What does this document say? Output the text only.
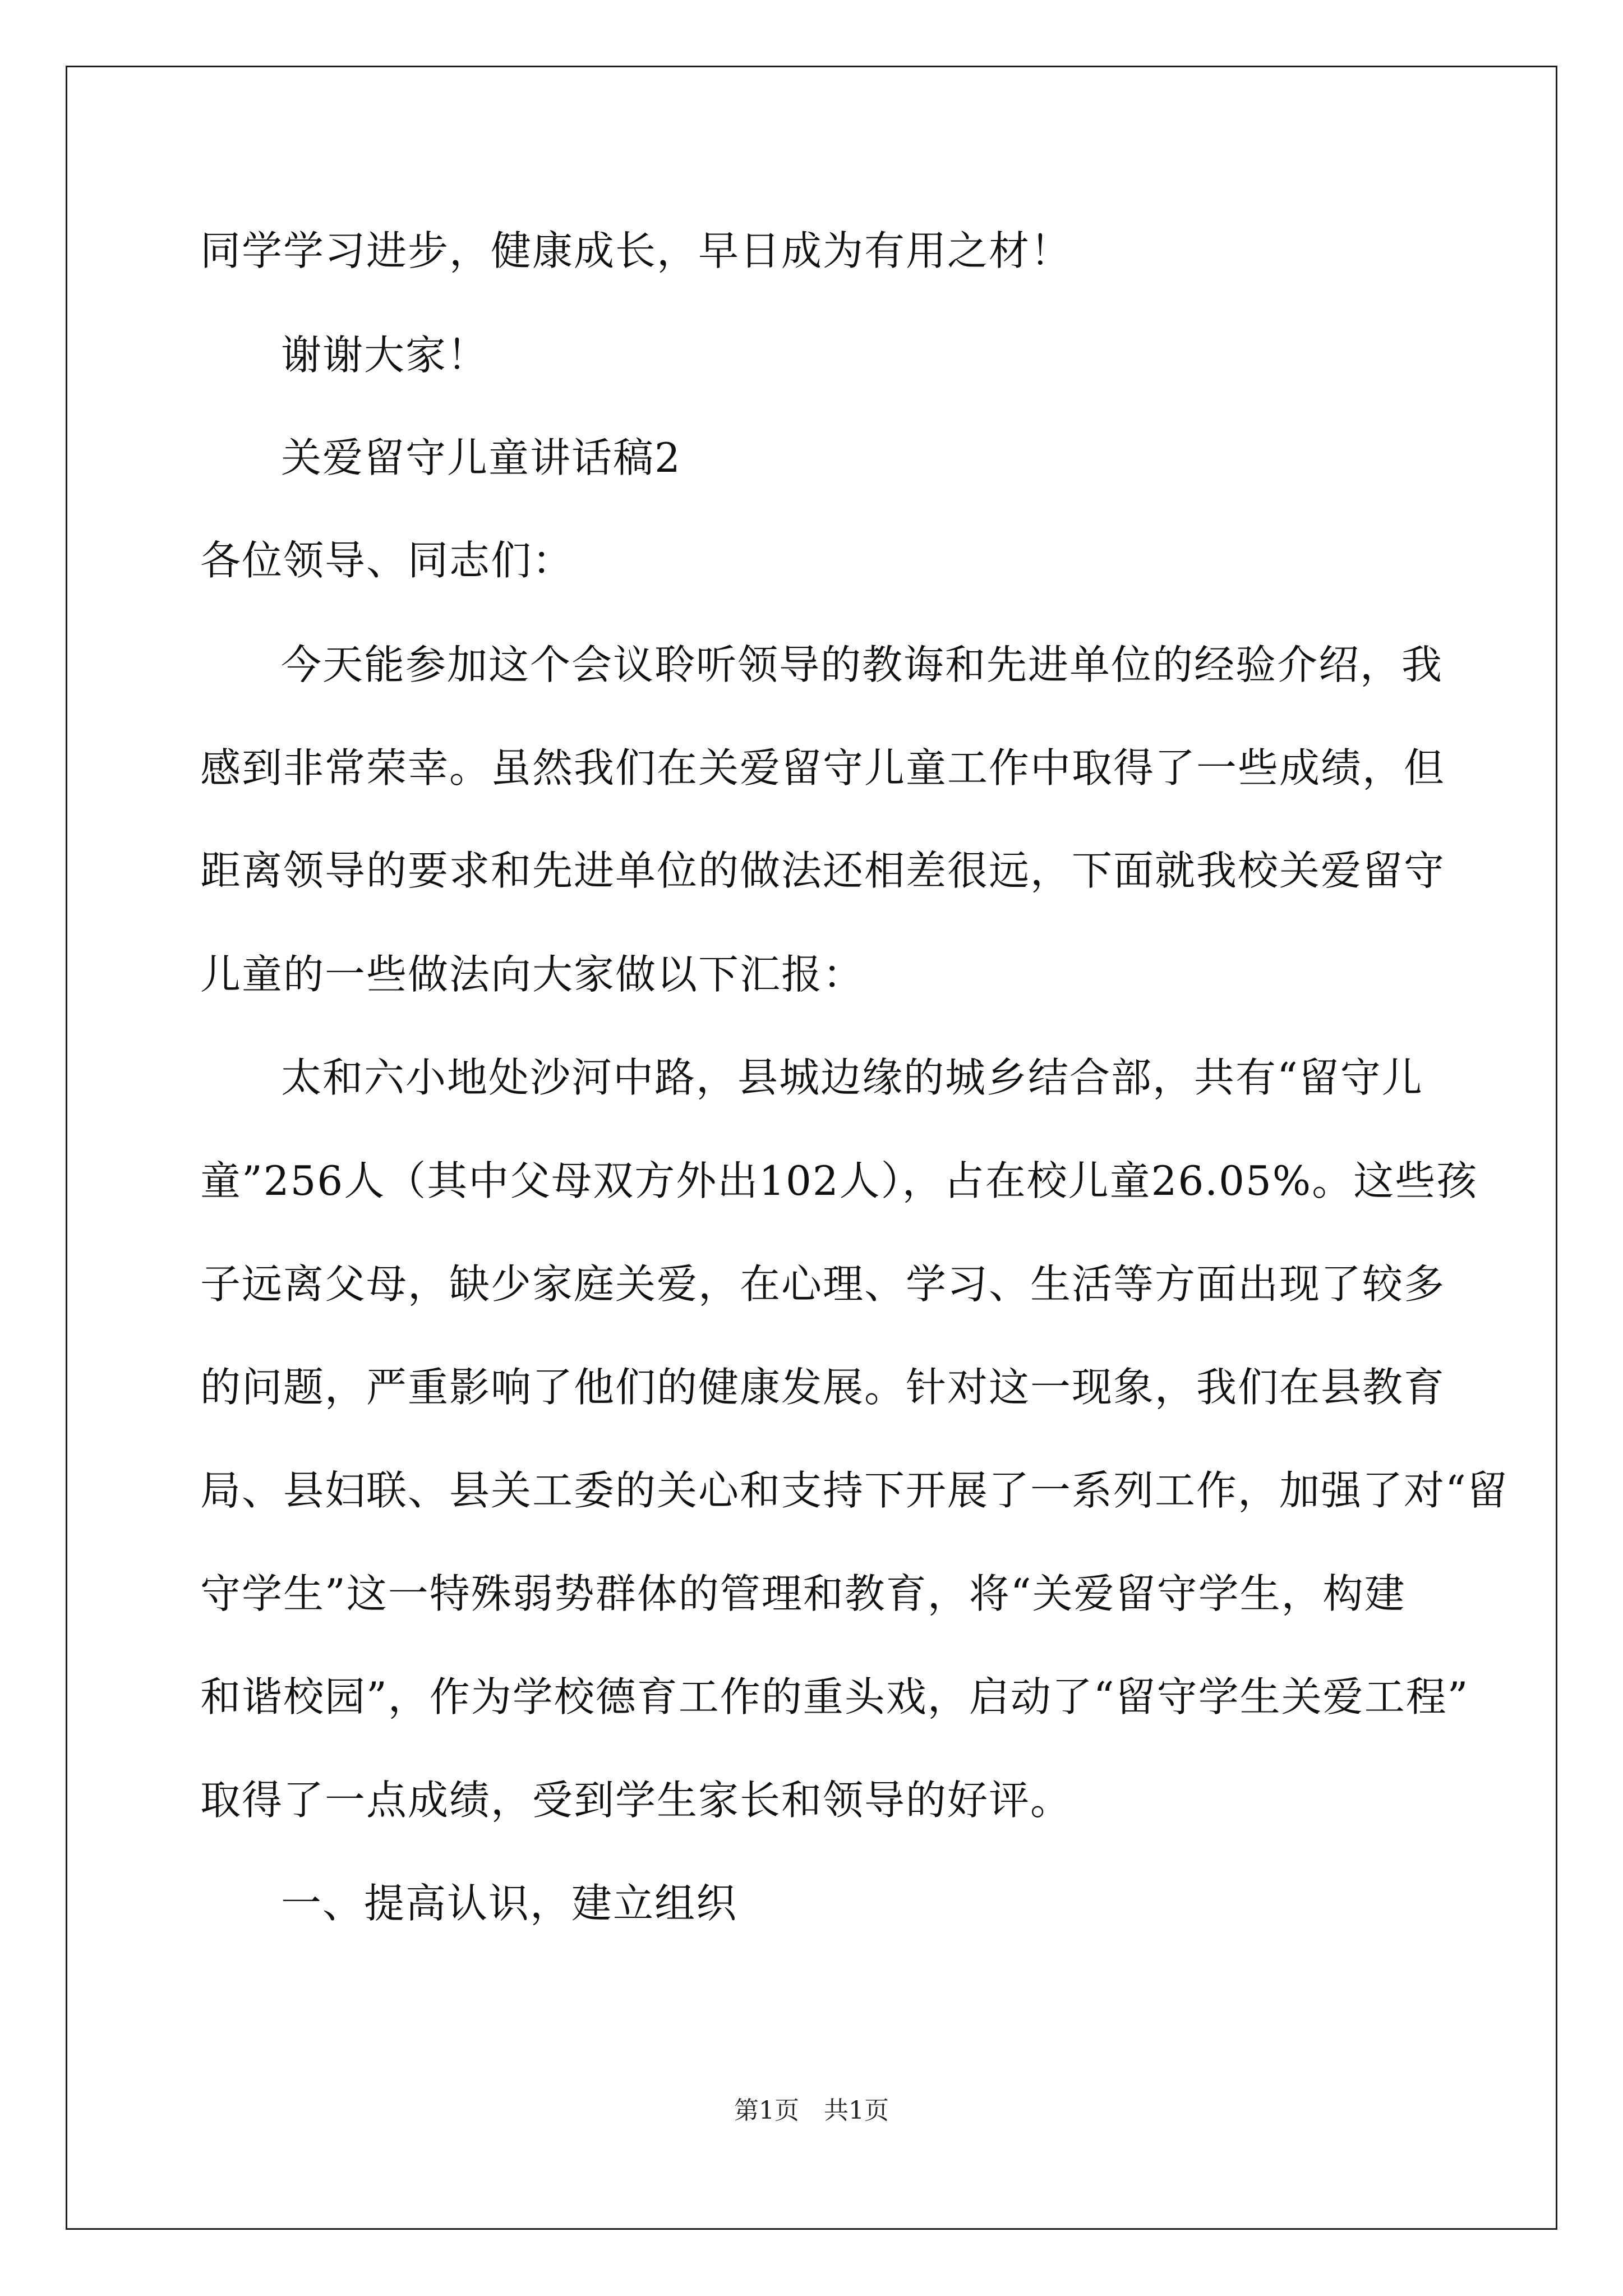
同学学习进步，健康成长，早日成为有用之材！
谢谢大家！
关爱留守儿童讲话稿2
各位领导、同志们：
今天能参加这个会议聆听领导的教诲和先进单位的经验介绍，我
感到非常荣幸。虽然我们在关爱留守儿童工作中取得了一些成绩，但
距离领导的要求和先进单位的做法还相差很远，下面就我校关爱留守
儿童的一些做法向大家做以下汇报：
太和六小地处沙河中路，县城边缘的城乡结合部，共有“留守儿
童”256人（其中父母双方外出102人），占在校儿童26.05%。这些孩
子远离父母，缺少家庭关爱，在心理、学习、生活等方面出现了较多
的问题，严重影响了他们的健康发展。针对这一现象，我们在县教育
局、县妇联、县关工委的关心和支持下开展了一系列工作，加强了对“留
守学生”这一特殊弱势群体的管理和教育，将“关爱留守学生，构建
和谐校园”，作为学校德育工作的重头戏，启动了“留守学生关爱工程”
取得了一点成绩，受到学生家长和领导的好评。
一、提高认识，建立组织
第1页　共1页
